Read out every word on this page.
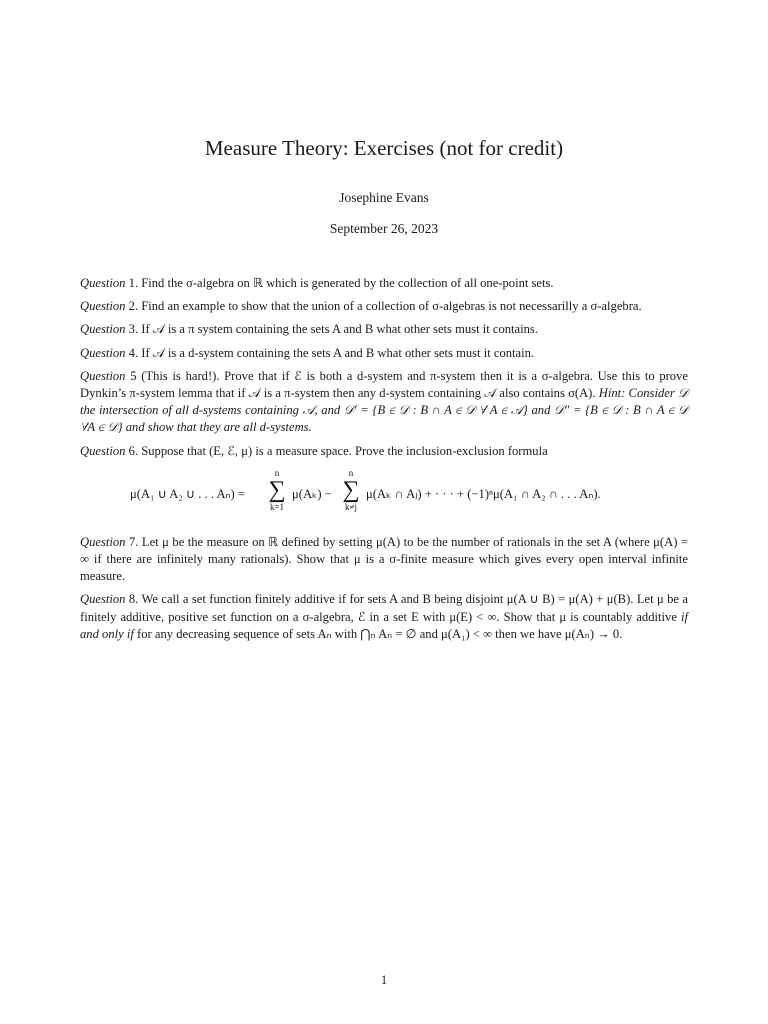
Measure Theory: Exercises (not for credit)
Josephine Evans
September 26, 2023

Question 1. Find the σ-algebra on ℝ which is generated by the collection of all one-point sets.

Question 2. Find an example to show that the union of a collection of σ-algebras is not necessarilly a σ-algebra.

Question 3. If 𝒜 is a π system containing the sets A and B what other sets must it contains.

Question 4. If 𝒜 is a d-system containing the sets A and B what other sets must it contain.

Question 5 (This is hard!). Prove that if ℰ is both a d-system and π-system then it is a σ-algebra. Use this to prove Dynkin’s π-system lemma that if 𝒜 is a π-system then any d-system containing 𝒜 also contains σ(A). Hint: Consider 𝒟 the intersection of all d-systems containing 𝒜, and 𝒟′ = {B ∈ 𝒟 : B ∩ A ∈ 𝒟 ∀ A ∈ 𝒜} and 𝒟″ = {B ∈ 𝒟 : B ∩ A ∈ 𝒟 ∀A ∈ 𝒟} and show that they are all d-systems.

Question 6. Suppose that (E, ℰ, μ) is a measure space. Prove the inclusion-exclusion formula

μ(A₁ ∪ A₂ ∪ . . . Aₙ) =
n
∑
k=1
μ(Aₖ) −
n
∑
k≠j
μ(Aₖ ∩ Aⱼ) + · · · + (−1)ⁿμ(A₁ ∩ A₂ ∩ . . . Aₙ).

Question 7. Let μ be the measure on ℝ defined by setting μ(A) to be the number of rationals in the set A (where μ(A) = ∞ if there are infinitely many rationals). Show that μ is a σ-finite measure which gives every open interval infinite measure.

Question 8. We call a set function finitely additive if for sets A and B being disjoint μ(A ∪ B) = μ(A) + μ(B). Let μ be a finitely additive, positive set function on a σ-algebra, ℰ in a set E with μ(E) < ∞. Show that μ is countably additive if and only if for any decreasing sequence of sets Aₙ with ⋂ₙ Aₙ = ∅ and μ(A₁) < ∞ then we have μ(Aₙ) → 0.

1
